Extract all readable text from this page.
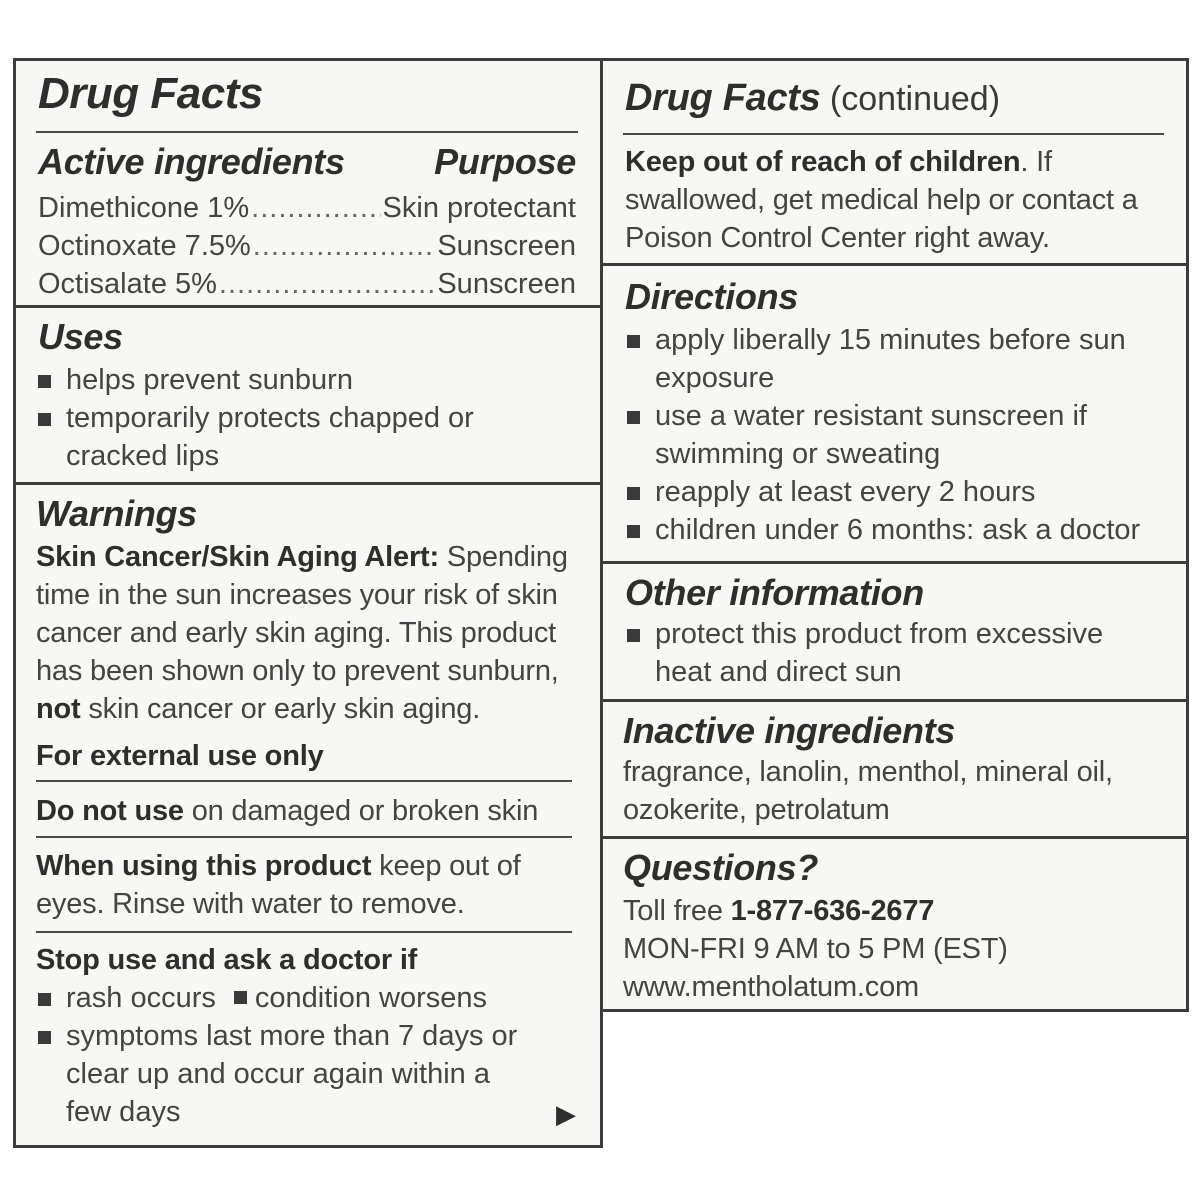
Drug Facts
Active ingredients Purpose
Dimethicone 1% .....	Skin protectant
Octinoxate 7.5% .....	Sunscreen
Octisalate 5% .....	Sunscreen
Uses
helps prevent sunburn
temporarily protects chapped or cracked lips
Warnings
Skin Cancer/Skin Aging Alert: Spending time in the sun increases your risk of skin cancer and early skin aging. This product has been shown only to prevent sunburn, not skin cancer or early skin aging.
For external use only
Do not use on damaged or broken skin
When using this product keep out of eyes. Rinse with water to remove.
Stop use and ask a doctor if
rash occurs condition worsens
symptoms last more than 7 days or clear up and occur again within a few days	▶
Drug Facts (continued)
Keep out of reach of children. If swallowed, get medical help or contact a Poison Control Center right away.
Directions
apply liberally 15 minutes before sun exposure
use a water resistant sunscreen if swimming or sweating
reapply at least every 2 hours
children under 6 months: ask a doctor
Other information
protect this product from excessive heat and direct sun
Inactive ingredients
fragrance, lanolin, menthol, mineral oil, ozokerite, petrolatum
Questions?
Toll free 1-877-636-2677
MON-FRI 9 AM to 5 PM (EST)
www.mentholatum.com
